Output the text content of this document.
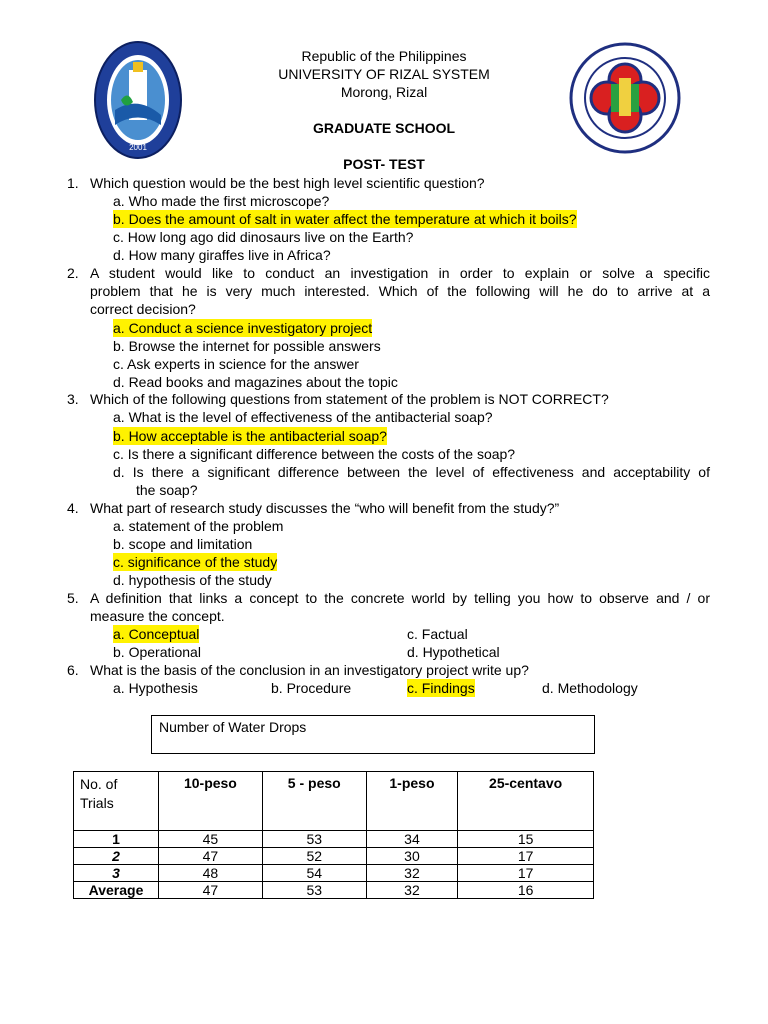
2001
Republic of the Philippines
UNIVERSITY OF RIZAL SYSTEM
Morong, Rizal
GRADUATE SCHOOL
POST- TEST
1. Which question would be the best high level scientific question?
a. Who made the first microscope?
b. Does the amount of salt in water affect the temperature at which it boils?
c. How long ago did dinosaurs live on the Earth?
d. How many giraffes live in Africa?
2. A student would like to conduct an investigation in order to explain or solve a specific
problem that he is very much interested. Which of the following will he do to arrive at a
correct decision?
a. Conduct a science investigatory project
b. Browse the internet for possible answers
c. Ask experts in science for the answer
d. Read books and magazines about the topic
3. Which of the following questions from statement of the problem is NOT CORRECT?
a. What is the level of effectiveness of the antibacterial soap?
b. How acceptable is the antibacterial soap?
c. Is there a significant difference between the costs of the soap?
d. Is there a significant difference between the level of effectiveness and acceptability of
the soap?
4. What part of research study discusses the “who will benefit from the study?”
a. statement of the problem
b. scope and limitation
c. significance of the study
d. hypothesis of the study
5. A definition that links a concept to the concrete world by telling you how to observe and / or
measure the concept.
a. Conceptual
b. Operational
c. Factual
d. Hypothetical
6. What is the basis of the conclusion in an investigatory project write up?
a. Hypothesis	b. Procedure	c. Findings	d. Methodology
Number of Water Drops
No. of
Trials	10-peso	5 - peso	1-peso	25-centavo
1	45	53	34	15
2	47	52	30	17
3	48	54	32	17
Average	47	53	32	16
